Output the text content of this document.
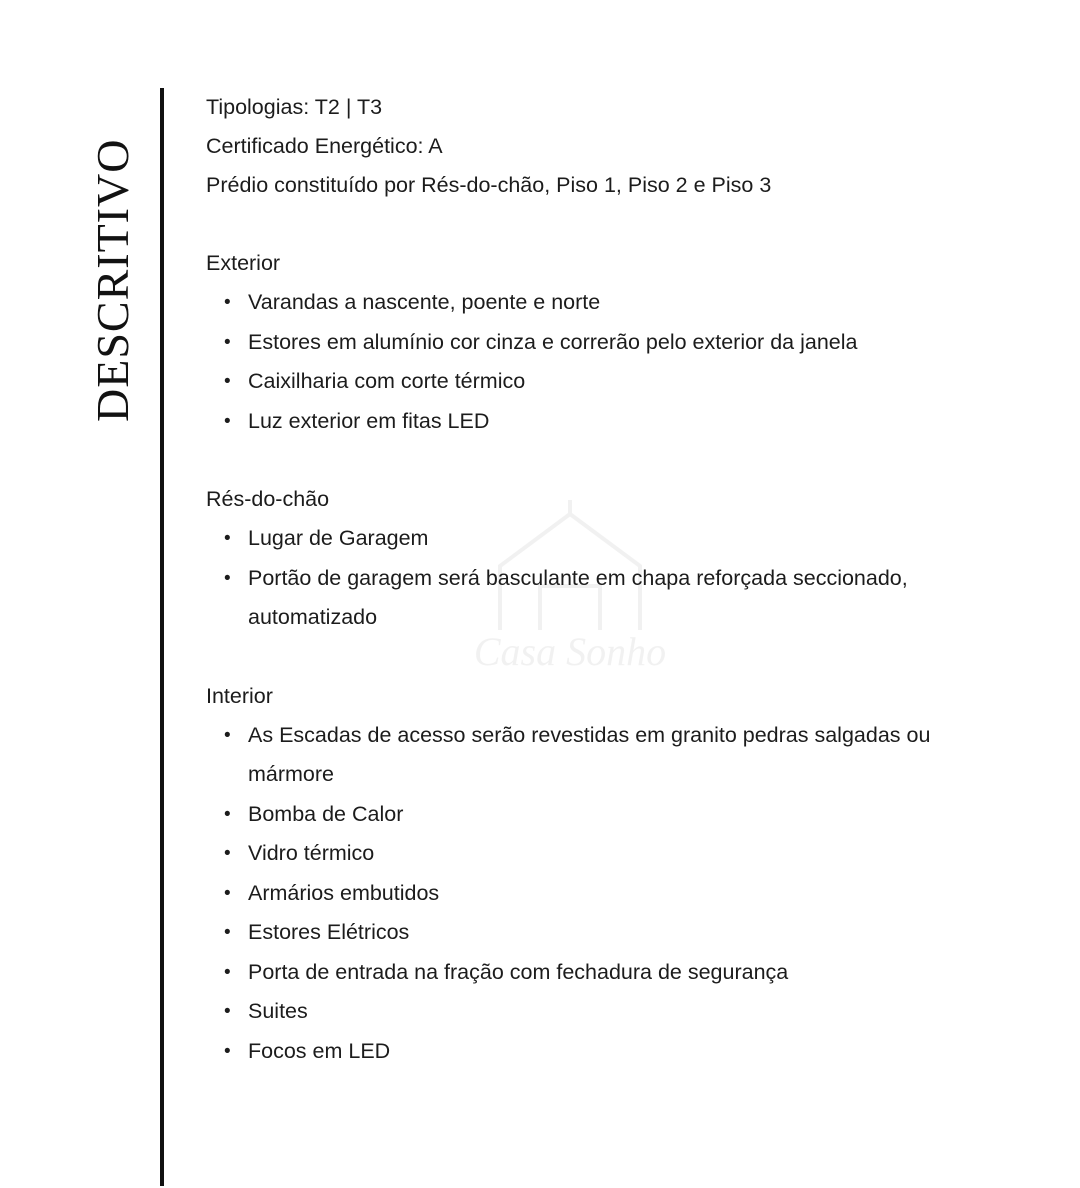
DESCRITIVO
Casa Sonho
Tipologias: T2 | T3
Certificado Energético: A
Prédio constituído por Rés-do-chão, Piso 1, Piso 2 e Piso 3
Exterior
• Varandas a nascente, poente e norte
• Estores em alumínio cor cinza e correrão pelo exterior da janela
• Caixilharia com corte térmico
• Luz exterior em fitas LED
Rés-do-chão
• Lugar de Garagem
• Portão de garagem será basculante em chapa reforçada seccionado, automatizado
Interior
• As Escadas de acesso serão revestidas em granito pedras salgadas ou mármore
• Bomba de Calor
• Vidro térmico
• Armários embutidos
• Estores Elétricos
• Porta de entrada na fração com fechadura de segurança
• Suites
• Focos em LED
